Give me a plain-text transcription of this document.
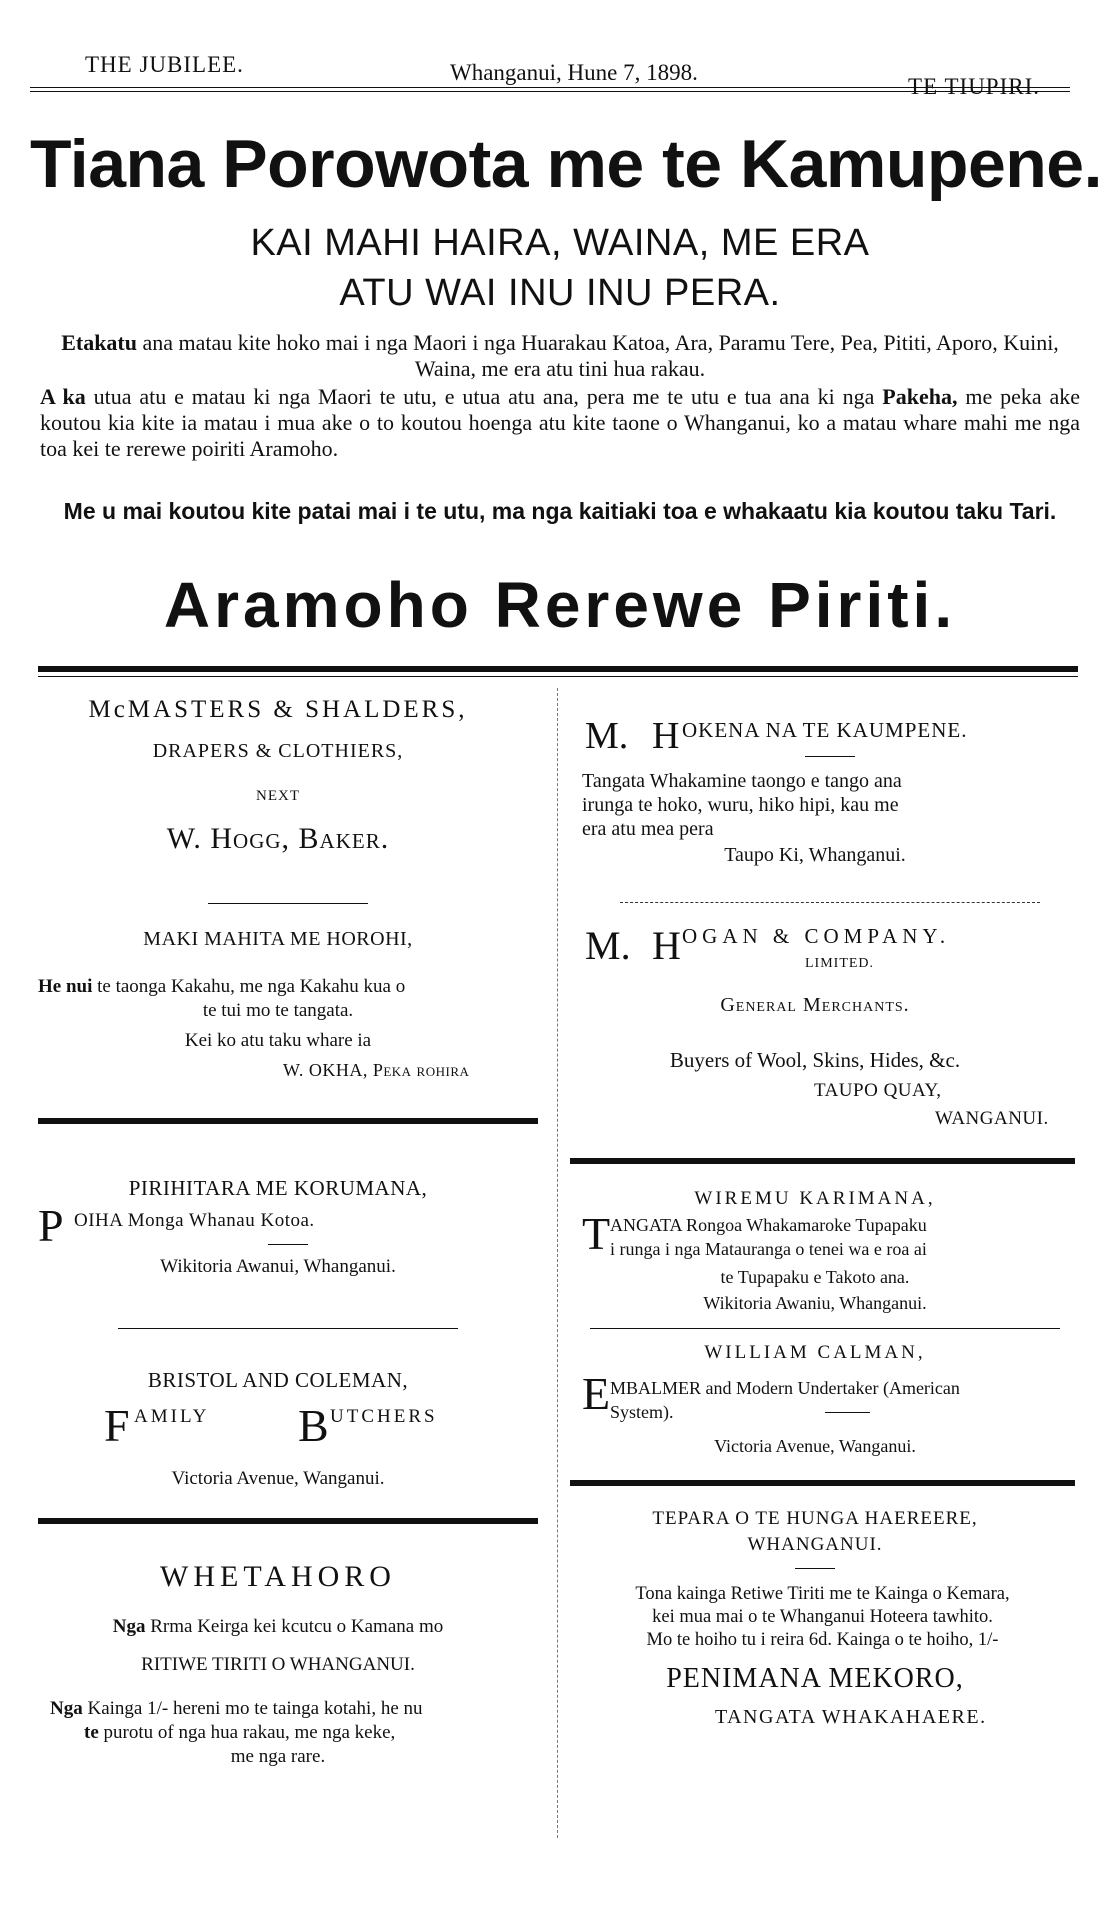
THE JUBILEE.	Whanganui, Hune 7, 1898.
TE TIUPIRI.
Tiana Porowota me te Kamupene.
KAI MAHI HAIRA, WAINA, ME ERA
ATU WAI INU INU PERA.
Etakatu ana matau kite hoko mai i nga Maori i nga Huarakau Katoa, Ara, Paramu Tere, Pea, Pititi, Aporo, Kuini, Waina, me era atu tini hua rakau.
A ka utua atu e matau ki nga Maori te utu, e utua atu ana, pera me te utu e tua ana ki nga Pakeha, me peka ake koutou kia kite ia matau i mua ake o to koutou hoenga atu kite taone o Whanganui, ko a matau whare mahi me nga toa kei te rerewe poiriti Aramoho.
Me u mai koutou kite patai mai i te utu, ma nga kaitiaki toa e whakaatu kia koutou taku Tari.
Aramoho Rerewe Piriti.
McMASTERS & SHALDERS,
DRAPERS & CLOTHIERS,
NEXT
W. Hogg, Baker.
MAKI MAHITA ME HOROHI,
He nui te taonga Kakahu, me nga Kakahu kua o
te tui mo te tangata.
Kei ko atu taku whare ia
W. OKHA, Peka rohira
PIRIHITARA ME KORUMANA,
P OIHA Monga Whanau Kotoa.
Wikitoria Awanui, Whanganui.
BRISTOL AND COLEMAN,
F AMILY B UTCHERS
Victoria Avenue, Wanganui.
WHETAHORO
Nga Rrma Keirga kei kcutcu o Kamana mo
RITIWE TIRITI O WHANGANUI.
Nga Kainga 1/- hereni mo te tainga kotahi, he nu
te purotu of nga hua rakau, me nga keke,
me nga rare.
M. H OKENA NA TE KAUMPENE.
Tangata Whakamine taongo e tango ana
irunga te hoko, wuru, hiko hipi, kau me
era atu mea pera
Taupo Ki, Whanganui.
M. H OGAN & COMPANY.
LIMITED.
General Merchants.
Buyers of Wool, Skins, Hides, &c.
TAUPO QUAY,
WANGANUI.
WIREMU KARIMANA,
T ANGATA Rongoa Whakamaroke Tupapaku
i runga i nga Matauranga o tenei wa e roa ai
te Tupapaku e Takoto ana.
Wikitoria Awaniu, Whanganui.
WILLIAM CALMAN,
E MBALMER and Modern Undertaker (American
System).
Victoria Avenue, Wanganui.
TEPARA O TE HUNGA HAEREERE,
WHANGANUI.
Tona kainga Retiwe Tiriti me te Kainga o Kemara,
kei mua mai o te Whanganui Hoteera tawhito.
Mo te hoiho tu i reira 6d. Kainga o te hoiho, 1/-
PENIMANA MEKORO,
TANGATA WHAKAHAERE.
